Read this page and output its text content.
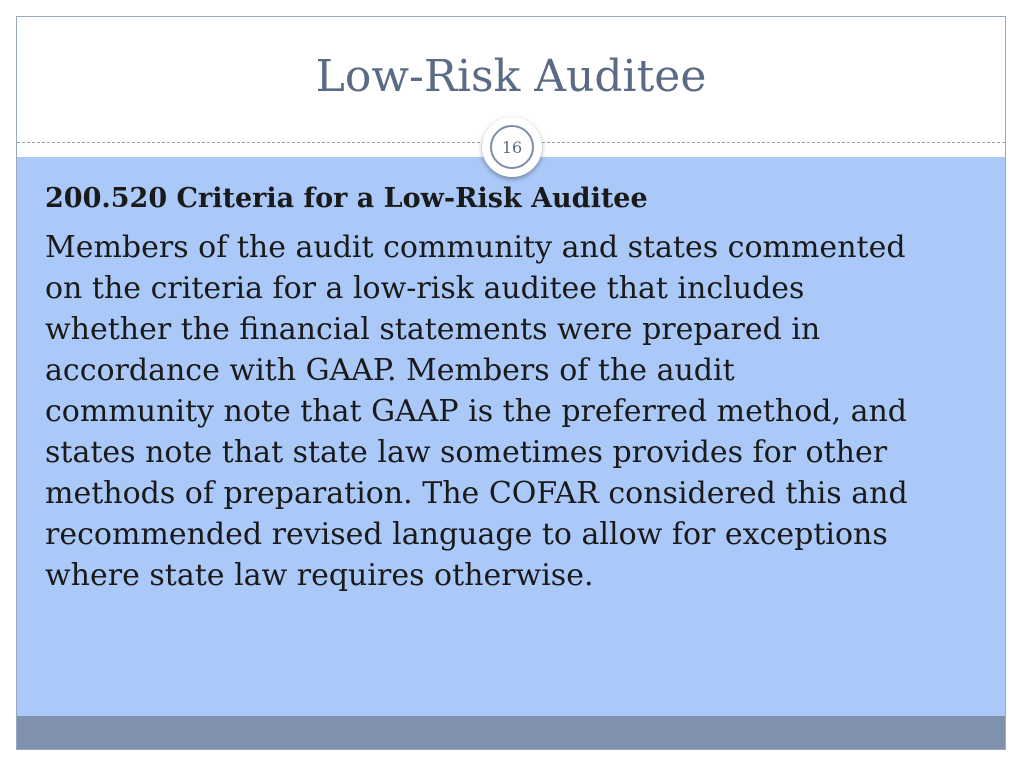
Low-Risk Auditee
16
200.520 Criteria for a Low-Risk Auditee

Members of the audit community and states commented
on the criteria for a low-risk auditee that includes
whether the financial statements were prepared in
accordance with GAAP. Members of the audit
community note that GAAP is the preferred method, and
states note that state law sometimes provides for other
methods of preparation. The COFAR considered this and
recommended revised language to allow for exceptions
where state law requires otherwise.
